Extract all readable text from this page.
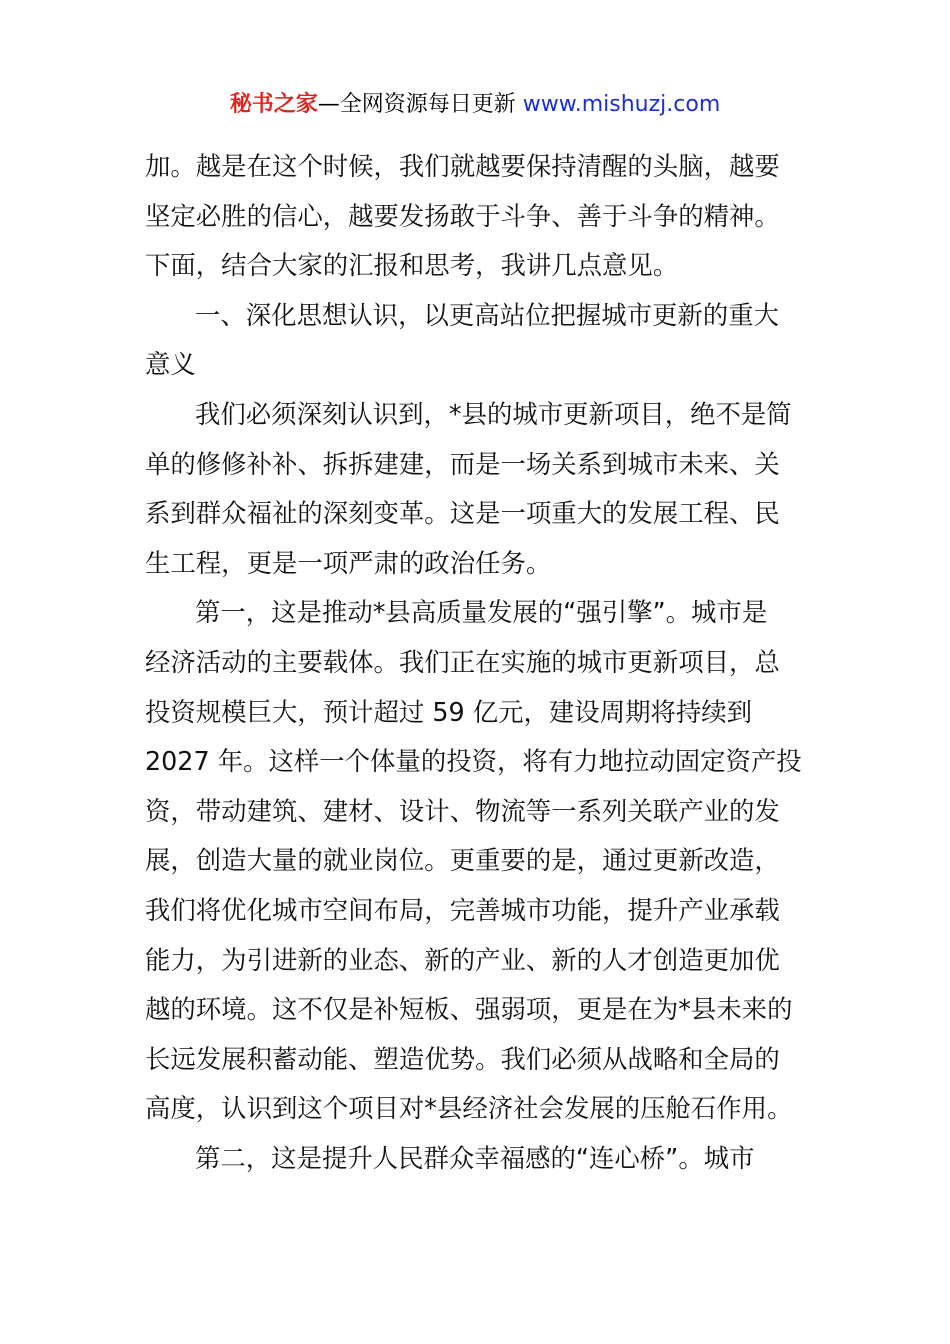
秘书之家—全网资源每日更新 www.mishuzj.com
加。越是在这个时候，我们就越要保持清醒的头脑，越要
坚定必胜的信心，越要发扬敢于斗争、善于斗争的精神。
下面，结合大家的汇报和思考，我讲几点意见。
一、深化思想认识，以更高站位把握城市更新的重大
意义
我们必须深刻认识到，*县的城市更新项目，绝不是简
单的修修补补、拆拆建建，而是一场关系到城市未来、关
系到群众福祉的深刻变革。这是一项重大的发展工程、民
生工程，更是一项严肃的政治任务。
第一，这是推动*县高质量发展的“强引擎”。城市是
经济活动的主要载体。我们正在实施的城市更新项目，总
投资规模巨大，预计超过 59 亿元，建设周期将持续到
2027 年。这样一个体量的投资，将有力地拉动固定资产投
资，带动建筑、建材、设计、物流等一系列关联产业的发
展，创造大量的就业岗位。更重要的是，通过更新改造，
我们将优化城市空间布局，完善城市功能，提升产业承载
能力，为引进新的业态、新的产业、新的人才创造更加优
越的环境。这不仅是补短板、强弱项，更是在为*县未来的
长远发展积蓄动能、塑造优势。我们必须从战略和全局的
高度，认识到这个项目对*县经济社会发展的压舱石作用。
第二，这是提升人民群众幸福感的“连心桥”。城市
